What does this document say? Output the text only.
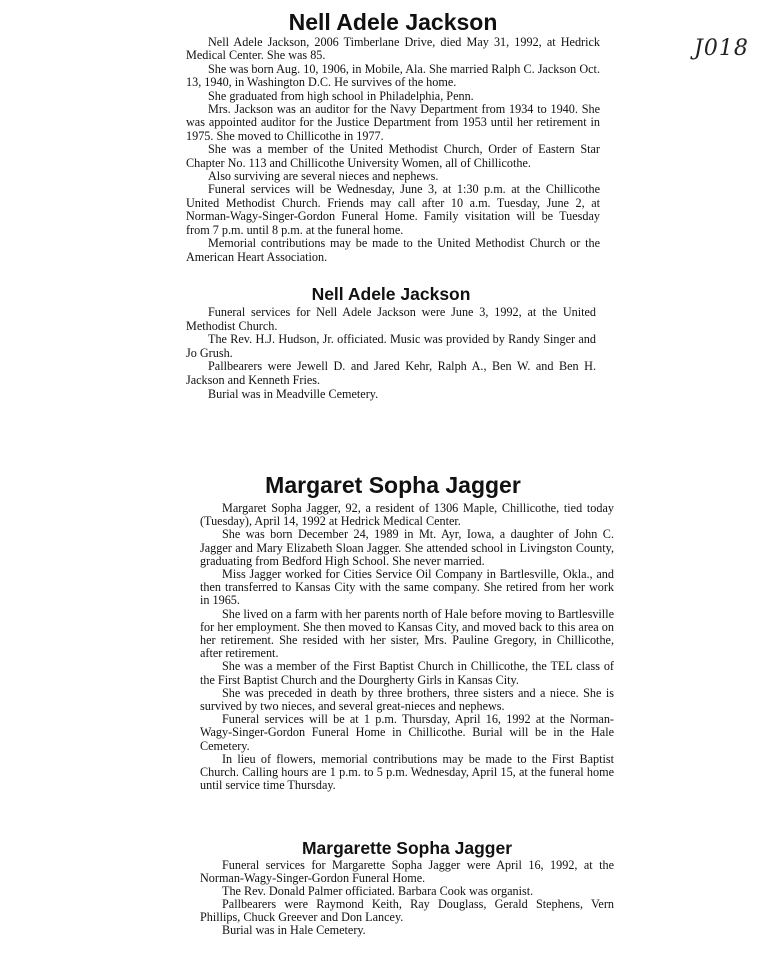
J018
Nell Adele Jackson

Nell Adele Jackson, 2006 Timberlane Drive, died May 31, 1992, at Hedrick Medical Center. She was 85.

She was born Aug. 10, 1906, in Mobile, Ala. She married Ralph C. Jackson Oct. 13, 1940, in Washington D.C. He survives of the home.

She graduated from high school in Philadelphia, Penn.

Mrs. Jackson was an auditor for the Navy Department from 1934 to 1940. She was appointed auditor for the Justice Department from 1953 until her retirement in 1975. She moved to Chillicothe in 1977.

She was a member of the United Methodist Church, Order of Eastern Star Chapter No. 113 and Chillicothe University Women, all of Chillicothe.

Also surviving are several nieces and nephews.

Funeral services will be Wednesday, June 3, at 1:30 p.m. at the Chillicothe United Methodist Church. Friends may call after 10 a.m. Tuesday, June 2, at Norman-Wagy-Singer-Gordon Funeral Home. Family visitation will be Tuesday from 7 p.m. until 8 p.m. at the funeral home.

Memorial contributions may be made to the United Methodist Church or the American Heart Association.

Nell Adele Jackson

Funeral services for Nell Adele Jackson were June 3, 1992, at the United Methodist Church.

The Rev. H.J. Hudson, Jr. officiated. Music was provided by Randy Singer and Jo Grush.

Pallbearers were Jewell D. and Jared Kehr, Ralph A., Ben W. and Ben H. Jackson and Kenneth Fries.

Burial was in Meadville Cemetery.

Margaret Sopha Jagger

Margaret Sopha Jagger, 92, a resident of 1306 Maple, Chillicothe, tied today (Tuesday), April 14, 1992 at Hedrick Medical Center.

She was born December 24, 1989 in Mt. Ayr, Iowa, a daughter of John C. Jagger and Mary Elizabeth Sloan Jagger. She attended school in Livingston County, graduating from Bedford High School. She never married.

Miss Jagger worked for Cities Service Oil Company in Bartlesville, Okla., and then transferred to Kansas City with the same company. She retired from her work in 1965.

She lived on a farm with her parents north of Hale before moving to Bartlesville for her employment. She then moved to Kansas City, and moved back to this area on her retirement. She resided with her sister, Mrs. Pauline Gregory, in Chillicothe, after retirement.

She was a member of the First Baptist Church in Chillicothe, the TEL class of the First Baptist Church and the Dourgherty Girls in Kansas City.

She was preceded in death by three brothers, three sisters and a niece. She is survived by two nieces, and several great-nieces and nephews.

Funeral services will be at 1 p.m. Thursday, April 16, 1992 at the Norman-Wagy-Singer-Gordon Funeral Home in Chillicothe. Burial will be in the Hale Cemetery.

In lieu of flowers, memorial contributions may be made to the First Baptist Church. Calling hours are 1 p.m. to 5 p.m. Wednesday, April 15, at the funeral home until service time Thursday.

Margarette Sopha Jagger

Funeral services for Margarette Sopha Jagger were April 16, 1992, at the Norman-Wagy-Singer-Gordon Funeral Home.

The Rev. Donald Palmer officiated. Barbara Cook was organist.

Pallbearers were Raymond Keith, Ray Douglass, Gerald Stephens, Vern Phillips, Chuck Greever and Don Lancey.

Burial was in Hale Cemetery.
